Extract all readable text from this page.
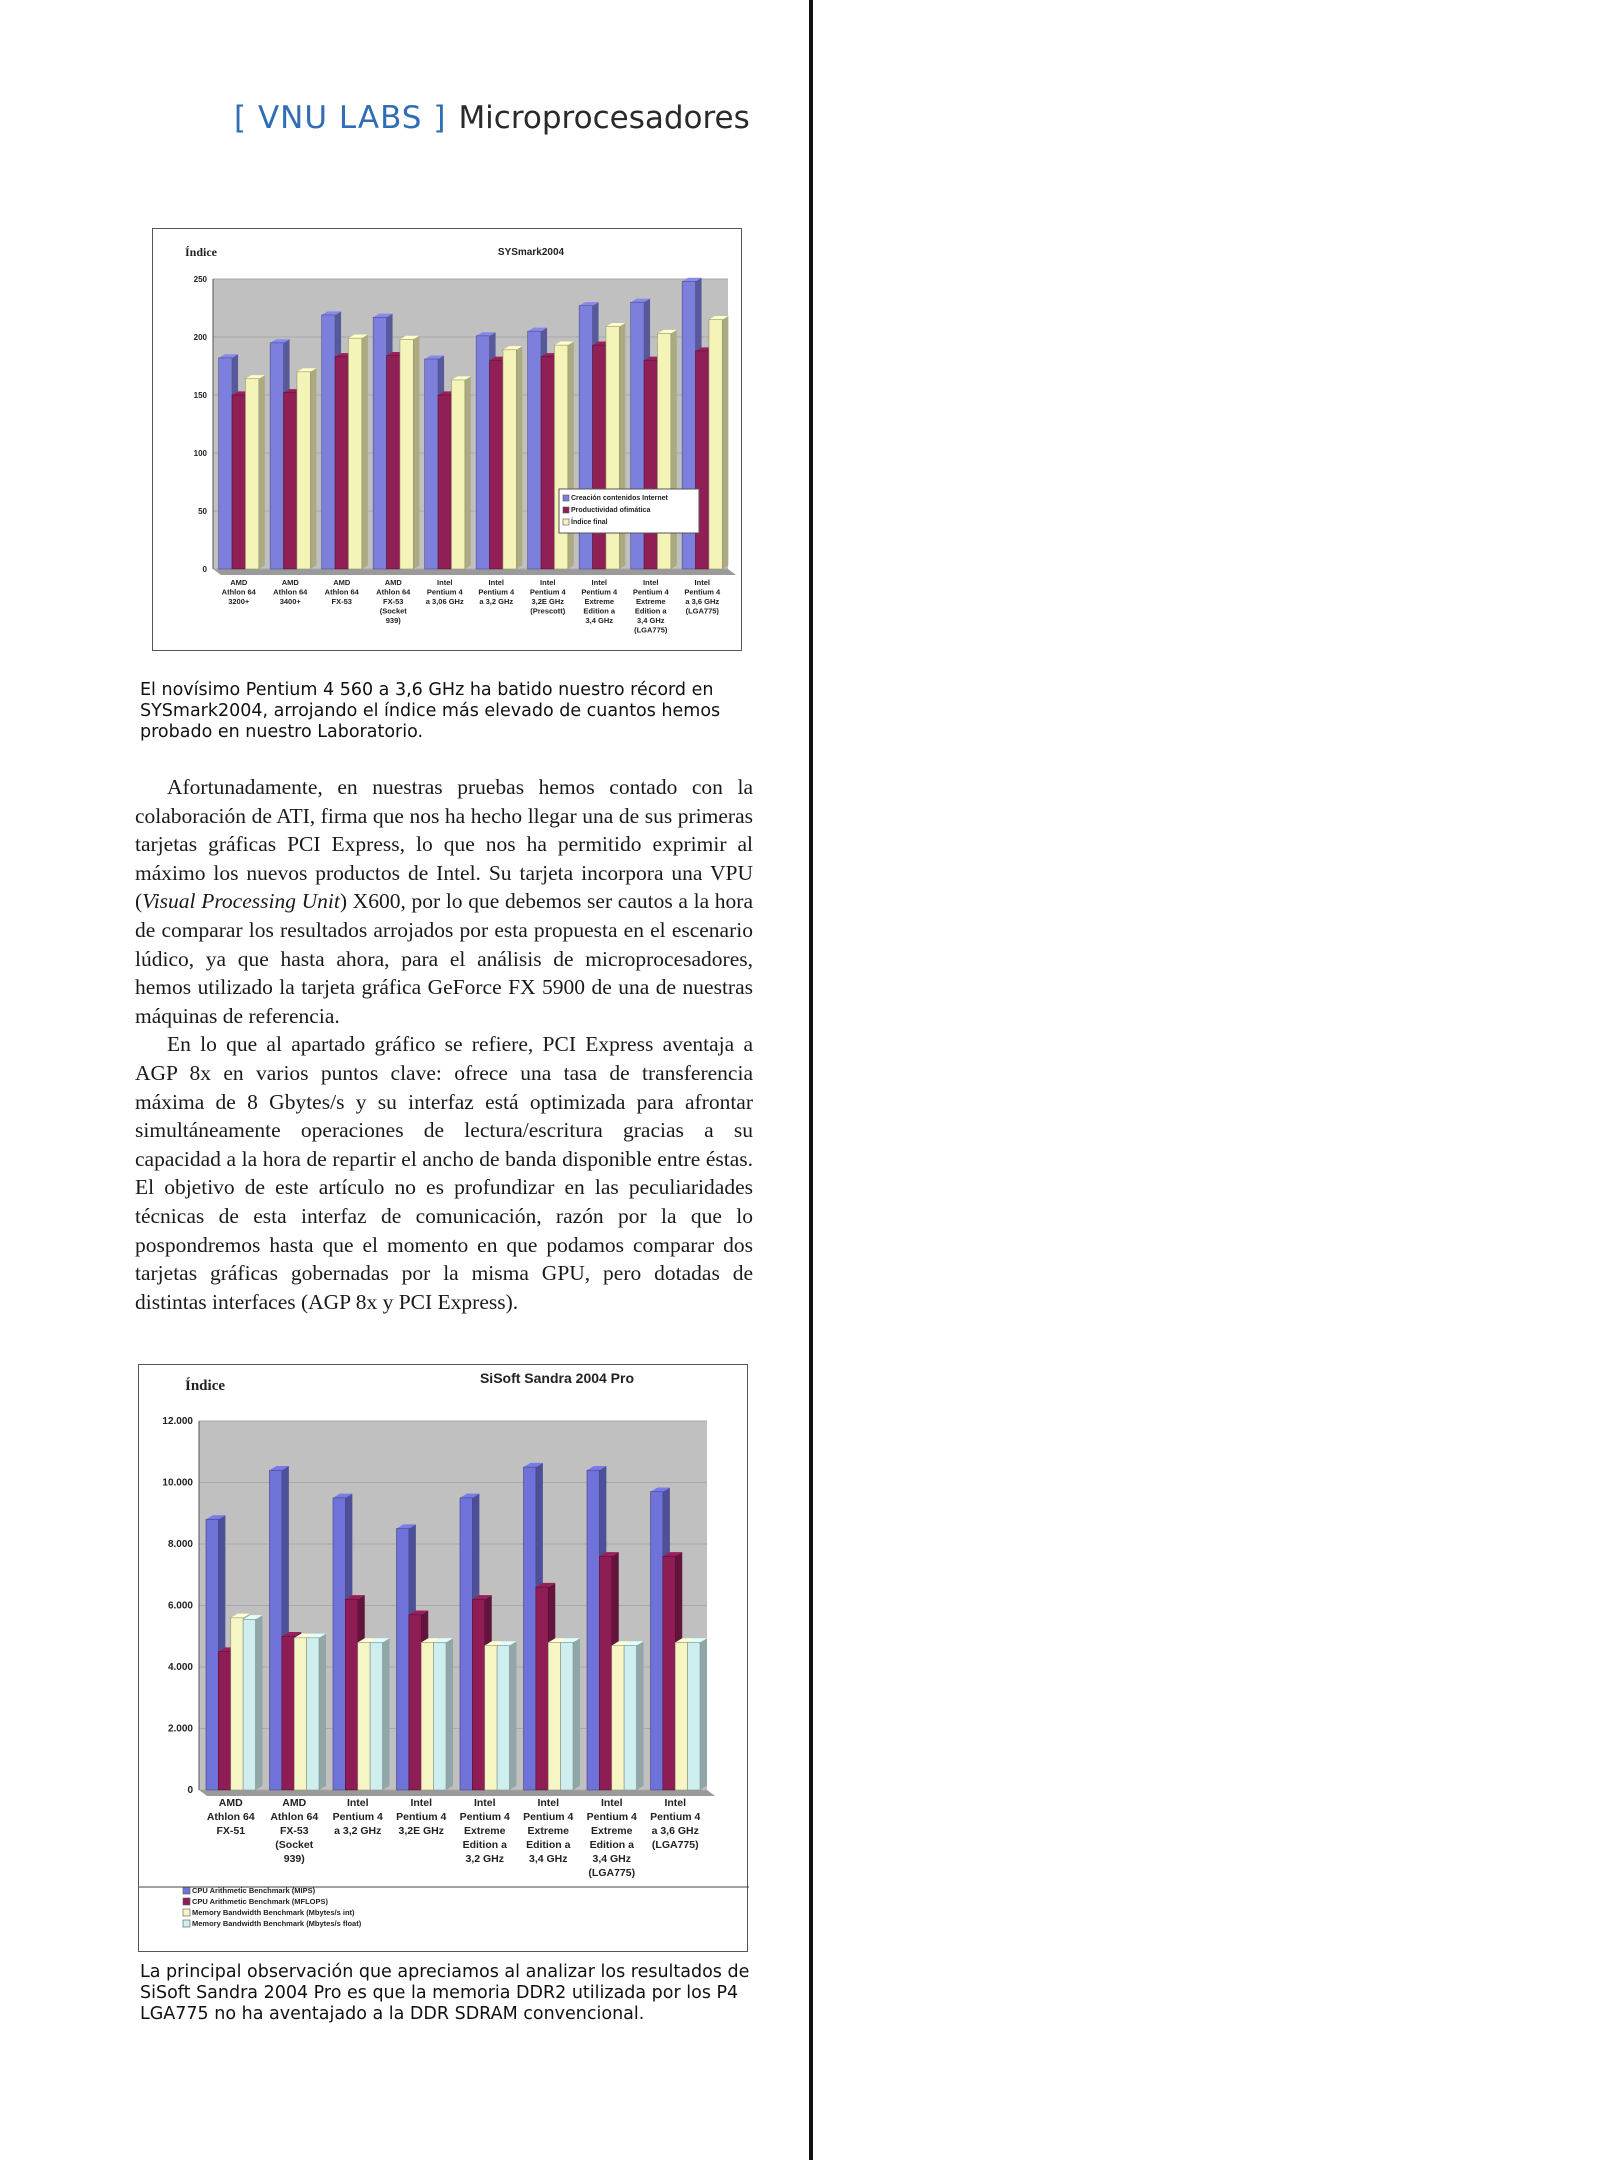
[ VNU LABS ] Microprocesadores
0
50
100
150
200
250
SYSmark2004
Índice
AMD
Athlon 64
3200+
AMD
Athlon 64
3400+
AMD
Athlon 64
FX-53
AMD
Athlon 64
FX-53
(Socket
939)
Intel
Pentium 4
a 3,06 GHz
Intel
Pentium 4
a 3,2 GHz
Intel
Pentium 4
3,2E GHz
(Prescott)
Intel
Pentium 4
Extreme
Edition a
3,4 GHz
Intel
Pentium 4
Extreme
Edition a
3,4 GHz
(LGA775)
Intel
Pentium 4
a 3,6 GHz
(LGA775)
Creación contenidos Internet
Productividad ofimática
Índice final
El novísimo Pentium 4 560 a 3,6 GHz ha batido nuestro récord en SYSmark2004, arrojando el índice más elevado de cuantos hemos probado en nuestro Laboratorio.

Afortunadamente, en nuestras pruebas hemos contado con la colaboración de ATI, firma que nos ha hecho llegar una de sus primeras tarjetas gráficas PCI Express, lo que nos ha permitido exprimir al máximo los nuevos productos de Intel. Su tarjeta incorpora una VPU (Visual Processing Unit) X600, por lo que debemos ser cautos a la hora de comparar los resultados arrojados por esta propuesta en el escenario lúdico, ya que hasta ahora, para el análisis de microprocesadores, hemos utilizado la tarjeta gráfica GeForce FX 5900 de una de nuestras máquinas de referencia.

En lo que al apartado gráfico se refiere, PCI Express aventaja a AGP 8x en varios puntos clave: ofrece una tasa de transferencia máxima de 8 Gbytes/s y su interfaz está optimizada para afrontar simultáneamente operaciones de lectura/escritura gracias a su capacidad a la hora de repartir el ancho de banda disponible entre éstas. El objetivo de este artículo no es profundizar en las peculiaridades técnicas de esta interfaz de comunicación, razón por la que lo pospondremos hasta que el momento en que podamos comparar dos tarjetas gráficas gobernadas por la misma GPU, pero dotadas de distintas interfaces (AGP 8x y PCI Express).

0
2.000
4.000
6.000
8.000
10.000
12.000
SiSoft Sandra 2004 Pro
Índice
AMD
Athlon 64
FX-51
AMD
Athlon 64
FX-53
(Socket
939)
Intel
Pentium 4
a 3,2 GHz
Intel
Pentium 4
3,2E GHz
Intel
Pentium 4
Extreme
Edition a
3,2 GHz
Intel
Pentium 4
Extreme
Edition a
3,4 GHz
Intel
Pentium 4
Extreme
Edition a
3,4 GHz
(LGA775)
Intel
Pentium 4
a 3,6 GHz
(LGA775)
CPU Arithmetic Benchmark (MIPS)
CPU Arithmetic Benchmark (MFLOPS)
Memory Bandwidth Benchmark (Mbytes/s int)
Memory Bandwidth Benchmark (Mbytes/s float)
La principal observación que apreciamos al analizar los resultados de SiSoft Sandra 2004 Pro es que la memoria DDR2 utilizada por los P4 LGA775 no ha aventajado a la DDR SDRAM convencional.
